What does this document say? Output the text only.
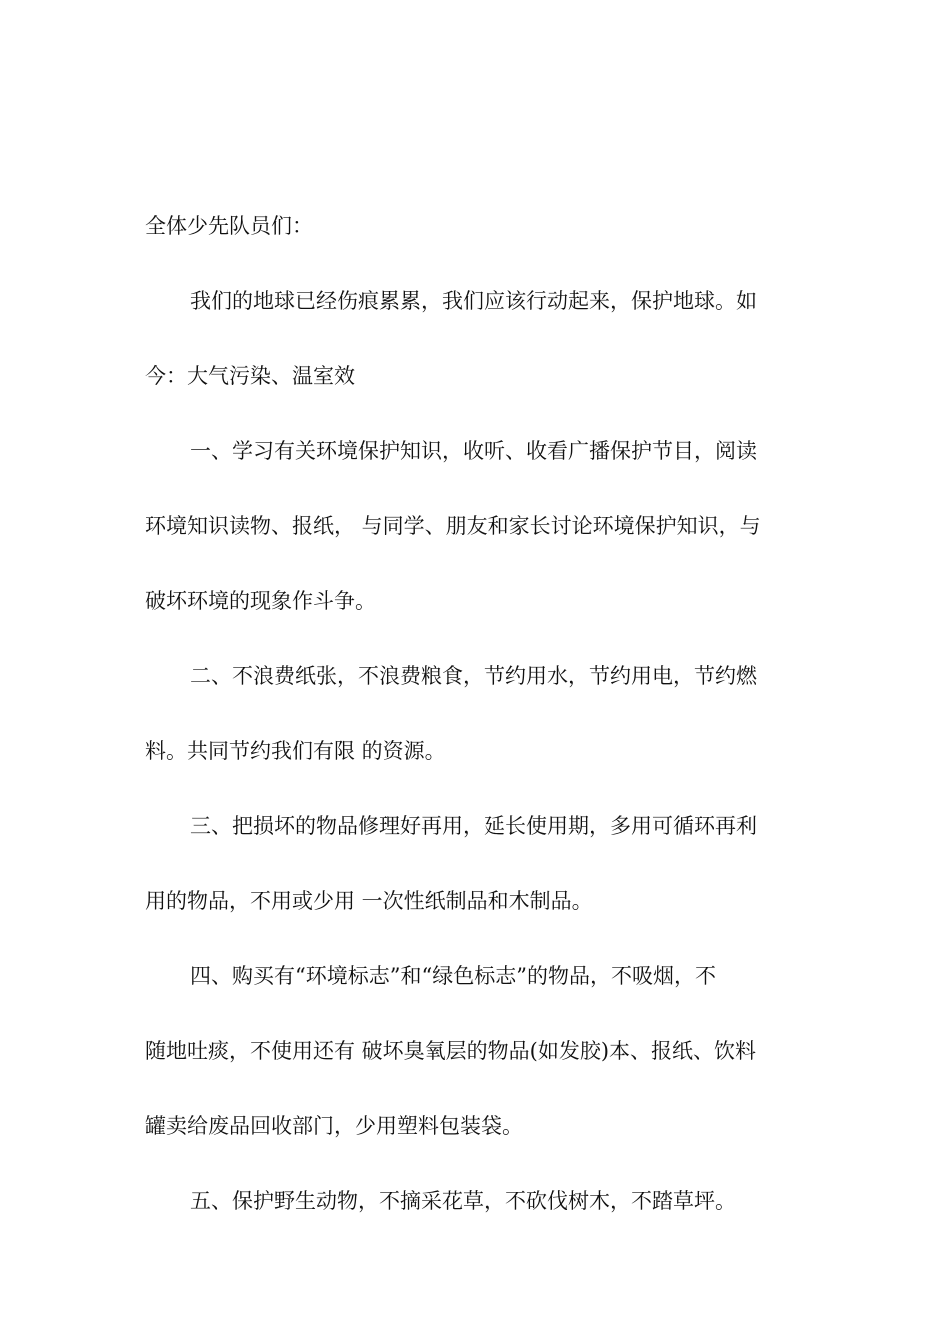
全体少先队员们：
我们的地球已经伤痕累累，我们应该行动起来，保护地球。如
今：大气污染、温室效
一、学习有关环境保护知识，收听、收看广播保护节目，阅读
环境知识读物、报纸， 与同学、朋友和家长讨论环境保护知识，与
破坏环境的现象作斗争。
二、不浪费纸张，不浪费粮食，节约用水，节约用电，节约燃
料。共同节约我们有限 的资源。
三、把损坏的物品修理好再用，延长使用期，多用可循环再利
用的物品，不用或少用 一次性纸制品和木制品。
四、购买有“环境标志”和“绿色标志”的物品，不吸烟，不
随地吐痰，不使用还有 破坏臭氧层的物品(如发胶)本、报纸、饮料
罐卖给废品回收部门，少用塑料包装袋。
五、保护野生动物，不摘采花草，不砍伐树木，不踏草坪。
